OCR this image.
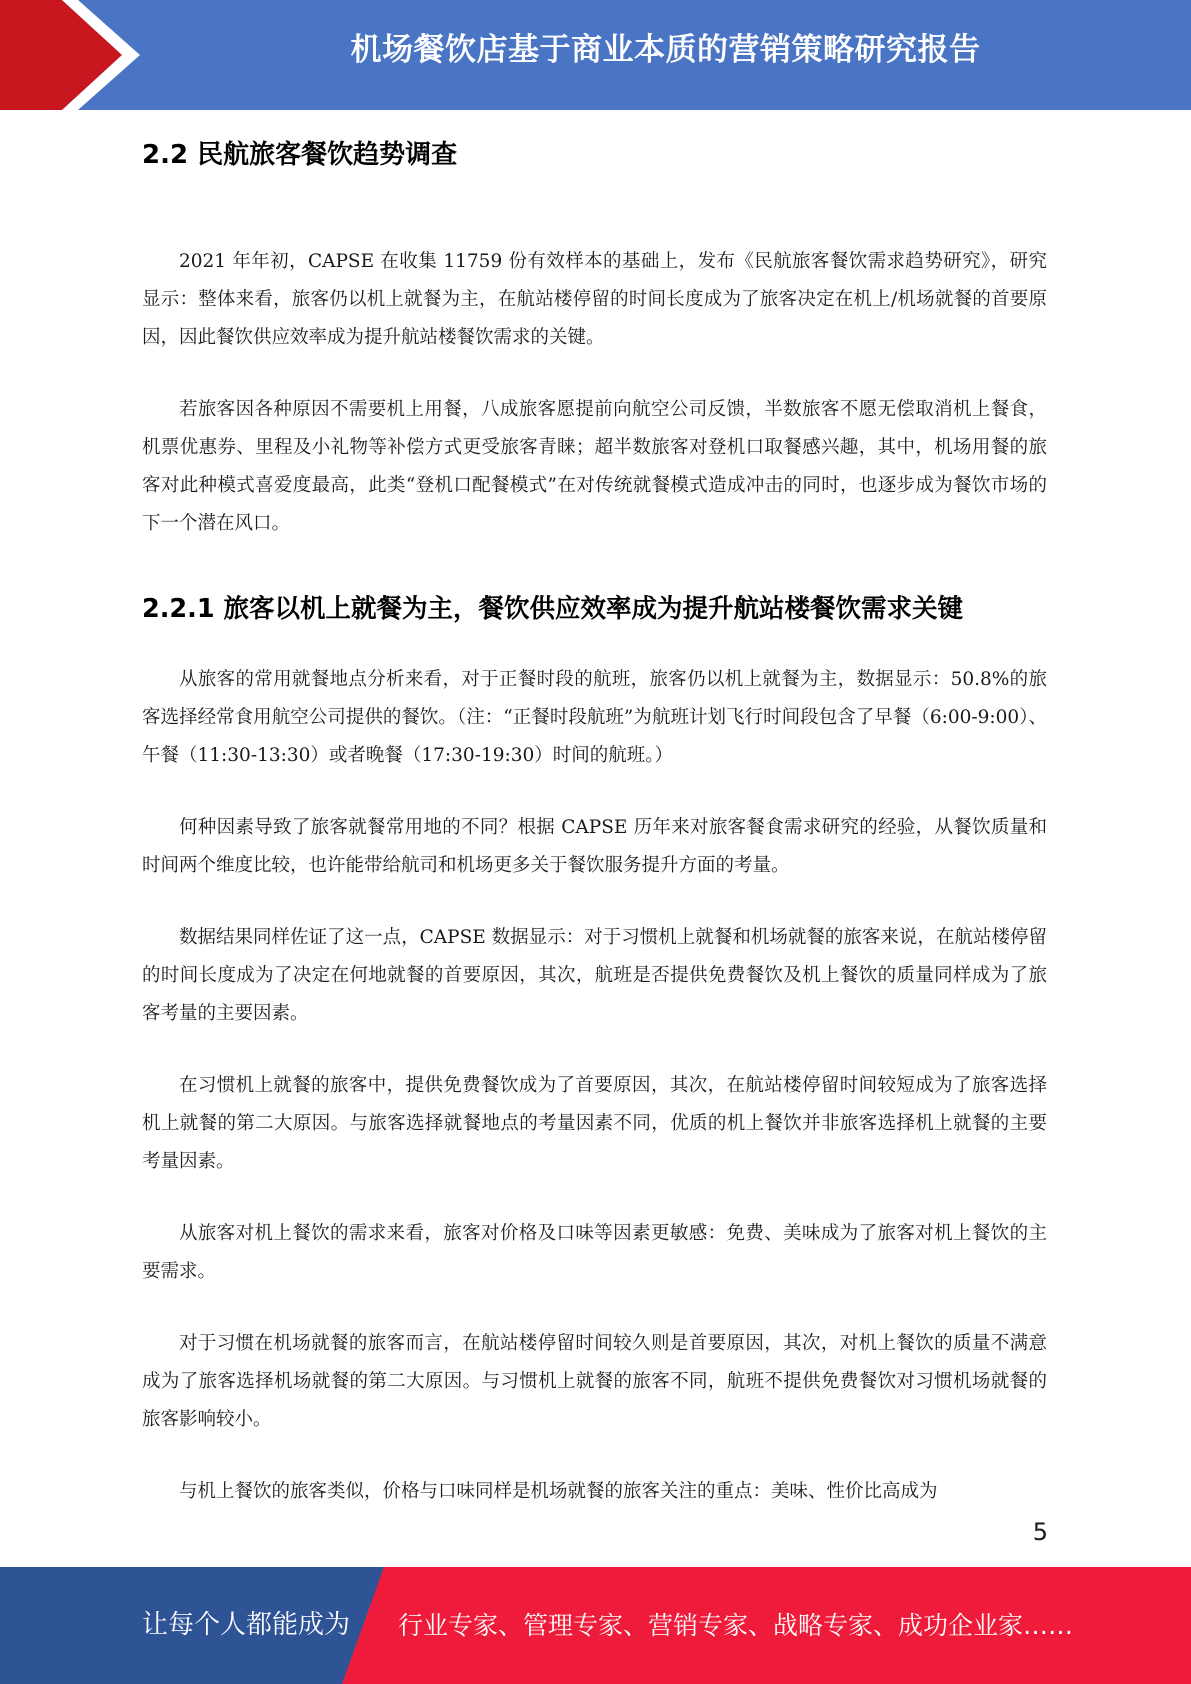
机场餐饮店基于商业本质的营销策略研究报告
2.2 民航旅客餐饮趋势调查

2021 年年初，CAPSE 在收集 11759 份有效样本的基础上，发布《民航旅客餐饮需求趋势研究》，研究显示：整体来看，旅客仍以机上就餐为主，在航站楼停留的时间长度成为了旅客决定在机上/机场就餐的首要原因，因此餐饮供应效率成为提升航站楼餐饮需求的关键。

若旅客因各种原因不需要机上用餐，八成旅客愿提前向航空公司反馈，半数旅客不愿无偿取消机上餐食，机票优惠券、里程及小礼物等补偿方式更受旅客青睐；超半数旅客对登机口取餐感兴趣，其中，机场用餐的旅客对此种模式喜爱度最高，此类“登机口配餐模式”在对传统就餐模式造成冲击的同时，也逐步成为餐饮市场的下一个潜在风口。

2.2.1 旅客以机上就餐为主，餐饮供应效率成为提升航站楼餐饮需求关键

从旅客的常用就餐地点分析来看，对于正餐时段的航班，旅客仍以机上就餐为主，数据显示：50.8%的旅客选择经常食用航空公司提供的餐饮。（注：“正餐时段航班”为航班计划飞行时间段包含了早餐（6:00-9:00）、午餐（11:30-13:30）或者晚餐（17:30-19:30）时间的航班。）

何种因素导致了旅客就餐常用地的不同？根据 CAPSE 历年来对旅客餐食需求研究的经验，从餐饮质量和时间两个维度比较，也许能带给航司和机场更多关于餐饮服务提升方面的考量。

数据结果同样佐证了这一点，CAPSE 数据显示：对于习惯机上就餐和机场就餐的旅客来说，在航站楼停留的时间长度成为了决定在何地就餐的首要原因，其次，航班是否提供免费餐饮及机上餐饮的质量同样成为了旅客考量的主要因素。

在习惯机上就餐的旅客中，提供免费餐饮成为了首要原因，其次，在航站楼停留时间较短成为了旅客选择机上就餐的第二大原因。与旅客选择就餐地点的考量因素不同，优质的机上餐饮并非旅客选择机上就餐的主要考量因素。

从旅客对机上餐饮的需求来看，旅客对价格及口味等因素更敏感：免费、美味成为了旅客对机上餐饮的主要需求。

对于习惯在机场就餐的旅客而言，在航站楼停留时间较久则是首要原因，其次，对机上餐饮的质量不满意成为了旅客选择机场就餐的第二大原因。与习惯机上就餐的旅客不同，航班不提供免费餐饮对习惯机场就餐的旅客影响较小。

与机上餐饮的旅客类似，价格与口味同样是机场就餐的旅客关注的重点：美味、性价比高成为

5
让每个人都能成为 行业专家、管理专家、营销专家、战略专家、成功企业家……
